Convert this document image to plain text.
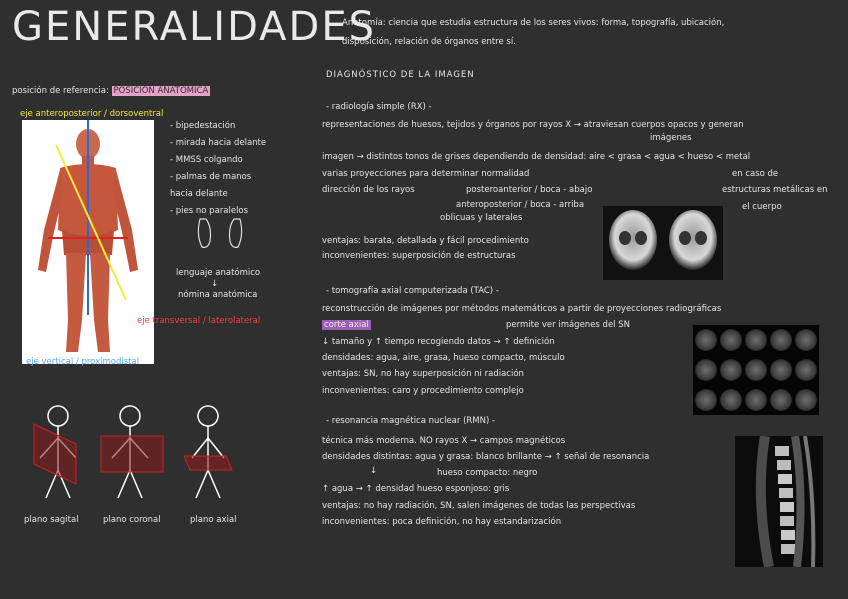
GENERALIDADES
Anatomía: ciencia que estudia estructura de los seres vivos: forma, topografía, ubicación,
disposición, relación de órganos entre sí.
posición de referencia: POSICIÓN ANATÓMICA
eje anteroposterior / dorsoventral
- bipedestación
- mirada hacia delante
- MMSS colgando
- palmas de manos
hacia delante
- pies no paralelos
lenguaje anatómico
↓
nómina anatómica
eje transversal / laterolateral
eje vertical / proximodistal
plano sagital	plano coronal	plano axial
DIAGNÓSTICO DE LA IMAGEN
- radiología simple (RX) -
representaciones de huesos, tejidos y órganos por rayos X → atraviesan cuerpos opacos y generan
imágenes
imagen → distintos tonos de grises dependiendo de densidad: aire < grasa < agua < hueso < metal
varias proyecciones para determinar normalidad	en caso de
dirección de los rayos	posteroanterior / boca - abajo	estructuras metálicas en
anteroposterior / boca - arriba	el cuerpo
oblicuas y laterales
ventajas: barata, detallada y fácil procedimiento
inconvenientes: superposición de estructuras
- tomografía axial computerizada (TAC) -
reconstrucción de imágenes por métodos matemáticos a partir de proyecciones radiográficas
corte axial	permite ver imágenes del SN
↓ tamaño y ↑ tiempo recogiendo datos → ↑ definición
densidades: agua, aire, grasa, hueso compacto, músculo
ventajas: SN, no hay superposición ni radiación
inconvenientes: caro y procedimiento complejo
- resonancia magnética nuclear (RMN) -
técnica más moderna. NO rayos X → campos magnéticos
densidades distintas: agua y grasa: blanco brillante → ↑ señal de resonancia
↓	hueso compacto: negro
↑ agua → ↑ densidad hueso esponjoso: gris
ventajas: no hay radiación, SN, salen imágenes de todas las perspectivas
inconvenientes: poca definición, no hay estandarización
